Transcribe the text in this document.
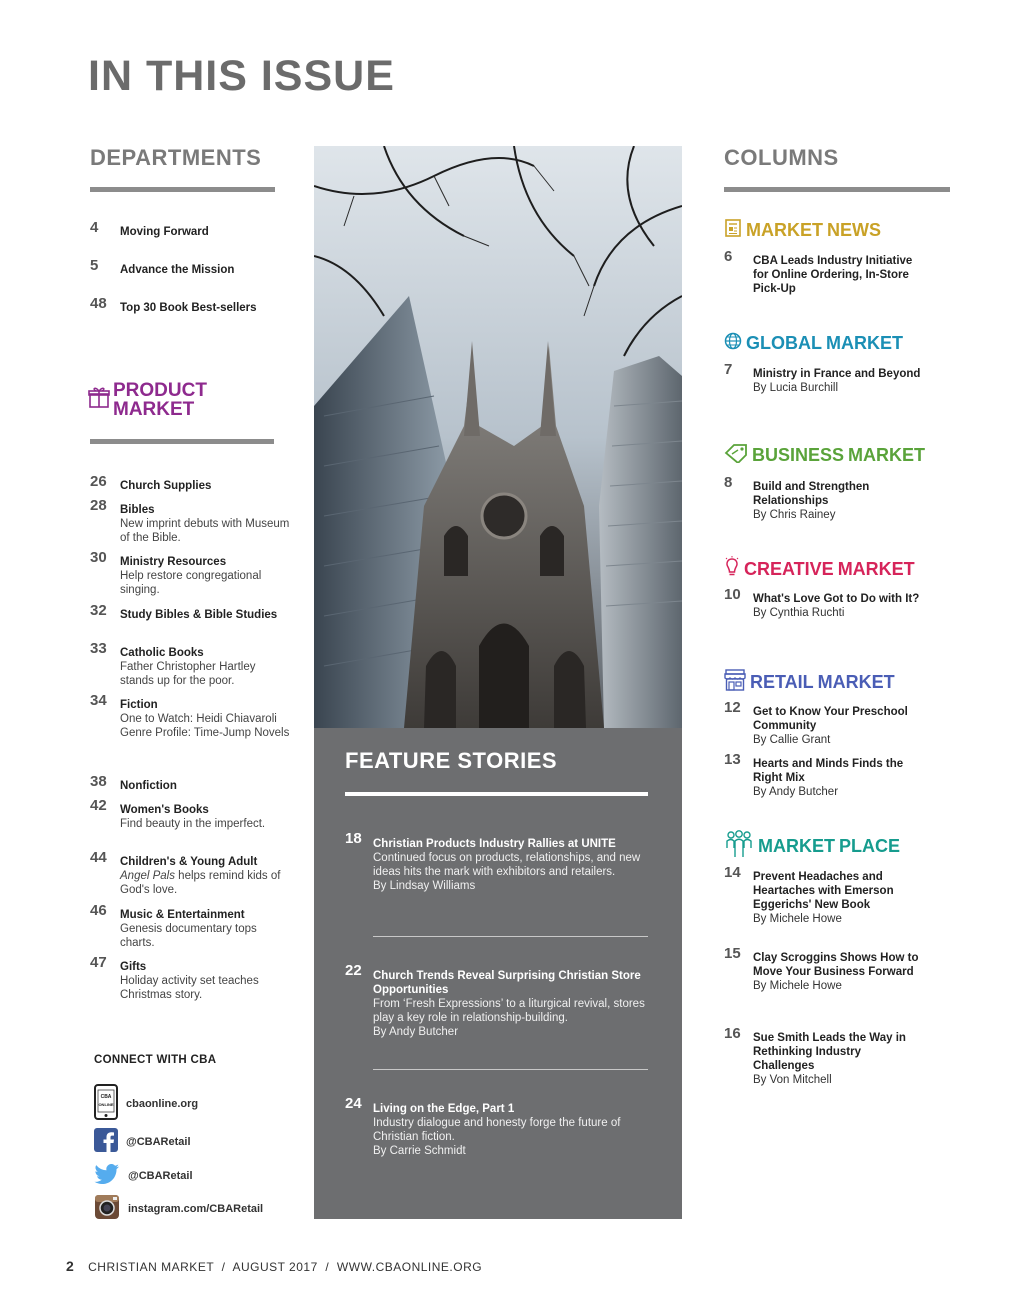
IN THIS ISSUE
DEPARTMENTS
4 Moving Forward
5 Advance the Mission
48 Top 30 Book Best-sellers
PRODUCT
MARKET
26 Church Supplies
28 Bibles
New imprint debuts with Museum of the Bible.
30 Ministry Resources
Help restore congregational singing.
32 Study Bibles & Bible Studies
33 Catholic Books
Father Christopher Hartley stands up for the poor.
34 Fiction
One to Watch: Heidi Chiavaroli Genre Profile: Time-Jump Novels
38 Nonfiction
42 Women's Books
Find beauty in the imperfect.
44 Children's & Young Adult
Angel Pals helps remind kids of God's love.
46 Music & Entertainment
Genesis documentary tops charts.
47 Gifts
Holiday activity set teaches Christmas story.
CONNECT WITH CBA
CBA
ONLINE cbaonline.org
@CBARetail
@CBARetail
instagram.com/CBARetail
FEATURE STORIES
18 Christian Products Industry Rallies at UNITE
Continued focus on products, relationships, and new ideas hits the mark with exhibitors and retailers.
By Lindsay Williams
22 Church Trends Reveal Surprising Christian Store Opportunities
From ‘Fresh Expressions’ to a liturgical revival, stores play a key role in relationship-building.
By Andy Butcher
24 Living on the Edge, Part 1
Industry dialogue and honesty forge the future of Christian fiction.
By Carrie Schmidt
COLUMNS
MARKET NEWS
6 CBA Leads Industry Initiative for Online Ordering, In-Store Pick-Up
GLOBAL MARKET
7 Ministry in France and Beyond
By Lucia Burchill
BUSINESS MARKET
8 Build and Strengthen Relationships
By Chris Rainey
CREATIVE MARKET
10 What's Love Got to Do with It?
By Cynthia Ruchti
RETAIL MARKET
12 Get to Know Your Preschool Community
By Callie Grant
13 Hearts and Minds Finds the Right Mix
By Andy Butcher
MARKET PLACE
14 Prevent Headaches and Heartaches with Emerson Eggerichs' New Book
By Michele Howe
15 Clay Scroggins Shows How to Move Your Business Forward
By Michele Howe
16 Sue Smith Leads the Way in Rethinking Industry Challenges
By Von Mitchell
2 CHRISTIAN MARKET  /  AUGUST 2017  /  WWW.CBAONLINE.ORG
